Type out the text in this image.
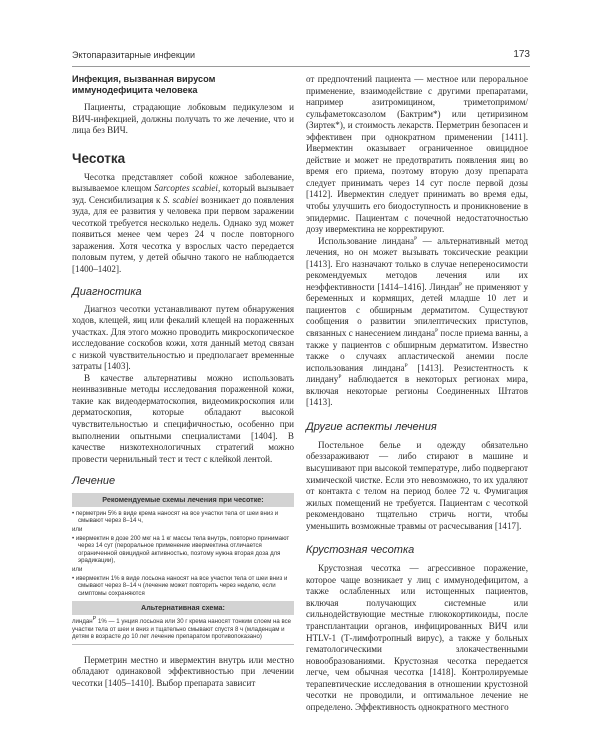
Эктопаразитарные инфекции	173
Инфекция, вызванная вирусом иммунодефицита человека

Пациенты, страдающие лобковым педикулезом и ВИЧ-инфекцией, должны получать то же лечение, что и лица без ВИЧ.

Чесотка

Чесотка представляет собой кожное заболевание, вызываемое клещом Sarcoptes scabiei, который вызывает зуд. Сенсибилизация к S. scabiei возникает до появления зуда, для ее развития у человека при первом заражении чесоткой требуется несколько недель. Однако зуд может появиться менее чем через 24 ч после повторного заражения. Хотя чесотка у взрослых часто передается половым путем, у детей обычно такого не наблюдается [1400–1402].

Диагностика

Диагноз чесотки устанавливают путем обнаружения ходов, клещей, яиц или фекалий клещей на пораженных участках. Для этого можно проводить микроскопическое исследование соскобов кожи, хотя данный метод связан с низкой чувствительностью и предполагает временные затраты [1403].

В качестве альтернативы можно использовать неинвазивные методы исследования пораженной кожи, такие как видеодерматоскопия, видеомикроскопия или дерматоскопия, которые обладают высокой чувствительностью и специфичностью, особенно при выполнении опытными специалистами [1404]. В качестве низкотехнологичных стратегий можно провести чернильный тест и тест с клейкой лентой.

Лечение
Рекомендуемые схемы лечения при чесотке:
• перметрин 5% в виде крема наносят на все участки тела от шеи вниз и смывают через 8–14 ч,
или
• ивермектин в дозе 200 мкг на 1 кг массы тела внутрь, повторно принимают через 14 сут (пероральное применение ивермектина отличается ограниченной овицидной активностью, поэтому нужна вторая доза для эрадикации),
или
• ивермектин 1% в виде лосьона наносят на все участки тела от шеи вниз и смывают через 8–14 ч (лечение может повторить через неделю, если симптомы сохраняются
Альтернативная схема:
линдан$^Р$ 1% — 1 унция лосьона или 30 г крема наносят тонким слоем на все участки тела от шеи и вниз и тщательно смывают спустя 8 ч (младенцам и детям в возрасте до 10 лет лечение препаратом противопоказано)

Перметрин местно и ивермектин внутрь или местно обладают одинаковой эффективностью при лечении чесотки [1405–1410]. Выбор препарата зависит

от предпочтений пациента — местное или пероральное применение, взаимодействие с другими препаратами, например азитромицином, триметопримом/сульфаметоксазолом (Бактрим*) или цетиризином (Зиртек*), и стоимость лекарств. Перметрин безопасен и эффективен при однократном применении [1411]. Ивермектин оказывает ограниченное овицидное действие и может не предотвратить появления яиц во время его приема, поэтому вторую дозу препарата следует принимать через 14 сут после первой дозы [1412]. Ивермектин следует принимать во время еды, чтобы улучшить его биодоступность и проникновение в эпидермис. Пациентам с почечной недостаточностью дозу ивермектина не корректируют.

Использование линдана$^Р$ — альтернативный метод лечения, но он может вызывать токсические реакции [1413]. Его назначают только в случае непереносимости рекомендуемых методов лечения или их неэффективности [1414–1416]. Линдан$^Р$ не применяют у беременных и кормящих, детей младше 10 лет и пациентов с обширным дерматитом. Существуют сообщения о развитии эпилептических приступов, связанных с нанесением линдана$^Р$ после приема ванны, а также у пациентов с обширным дерматитом. Известно также о случаях апластической анемии после использования линдана$^Р$ [1413]. Резистентность к линдану$^Р$ наблюдается в некоторых регионах мира, включая некоторые регионы Соединенных Штатов [1413].

Другие аспекты лечения

Постельное белье и одежду обязательно обеззараживают — либо стирают в машине и высушивают при высокой температуре, либо подвергают химической чистке. Если это невозможно, то их удаляют от контакта с телом на период более 72 ч. Фумигация жилых помещений не требуется. Пациентам с чесоткой рекомендовано тщательно стричь ногти, чтобы уменьшить возможные травмы от расчесывания [1417].

Крустозная чесотка

Крустозная чесотка — агрессивное поражение, которое чаще возникает у лиц с иммунодефицитом, а также ослабленных или истощенных пациентов, включая получающих системные или сильнодействующие местные глюкокортикоиды, после трансплантации органов, инфицированных ВИЧ или HTLV-1 (Т-лимфотропный вирус), а также у больных гематологическими злокачественными новообразованиями. Крустозная чесотка передается легче, чем обычная чесотка [1418]. Контролируемые терапевтические исследования в отношении крустозной чесотки не проводили, и оптимальное лечение не определено. Эффективность однократного местного
